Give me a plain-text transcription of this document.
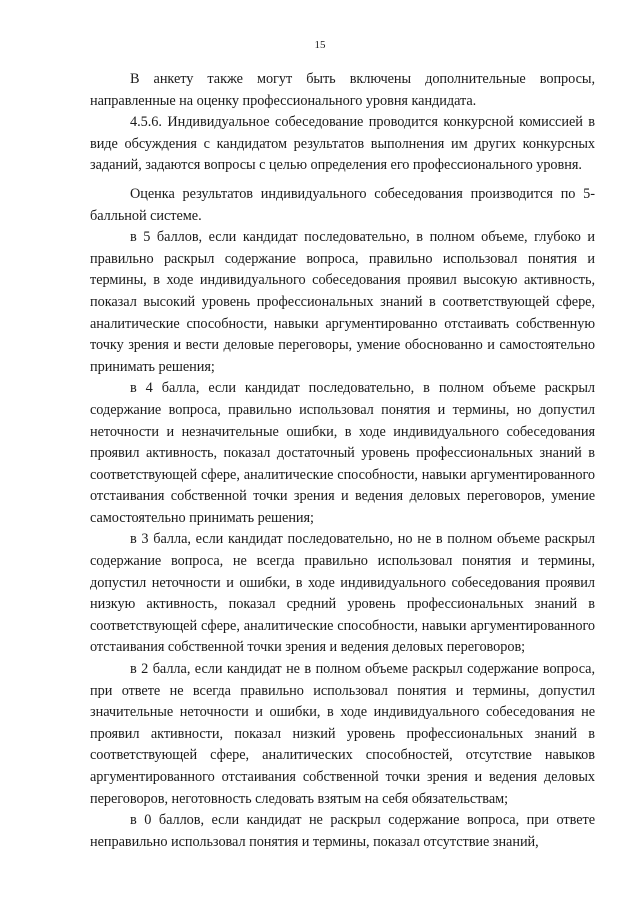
15

В анкету также могут быть включены дополнительные вопросы, направленные на оценку профессионального уровня кандидата.

4.5.6. Индивидуальное собеседование проводится конкурсной комиссией в виде обсуждения с кандидатом результатов выполнения им других конкурсных заданий, задаются вопросы с целью определения его профессионального уровня.

Оценка результатов индивидуального собеседования производится по 5-балльной системе.

в 5 баллов, если кандидат последовательно, в полном объеме, глубоко и правильно раскрыл содержание вопроса, правильно использовал понятия и термины, в ходе индивидуального собеседования проявил высокую активность, показал высокий уровень профессиональных знаний в соответствующей сфере, аналитические способности, навыки аргументированно отстаивать собственную точку зрения и вести деловые переговоры, умение обоснованно и самостоятельно принимать решения;

в 4 балла, если кандидат последовательно, в полном объеме раскрыл содержание вопроса, правильно использовал понятия и термины, но допустил неточности и незначительные ошибки, в ходе индивидуального собеседования проявил активность, показал достаточный уровень профессиональных знаний в соответствующей сфере, аналитические способности, навыки аргументированного отстаивания собственной точки зрения и ведения деловых переговоров, умение самостоятельно принимать решения;

в 3 балла, если кандидат последовательно, но не в полном объеме раскрыл содержание вопроса, не всегда правильно использовал понятия и термины, допустил неточности и ошибки, в ходе индивидуального собеседования проявил низкую активность, показал средний уровень профессиональных знаний в соответствующей сфере, аналитические способности, навыки аргументированного отстаивания собственной точки зрения и ведения деловых переговоров;

в 2 балла, если кандидат не в полном объеме раскрыл содержание вопроса, при ответе не всегда правильно использовал понятия и термины, допустил значительные неточности и ошибки, в ходе индивидуального собеседования не проявил активности, показал низкий уровень профессиональных знаний в соответствующей сфере, аналитических способностей, отсутствие навыков аргументированного отстаивания собственной точки зрения и ведения деловых переговоров, неготовность следовать взятым на себя обязательствам;

в 0 баллов, если кандидат не раскрыл содержание вопроса, при ответе неправильно использовал понятия и термины, показал отсутствие знаний,
